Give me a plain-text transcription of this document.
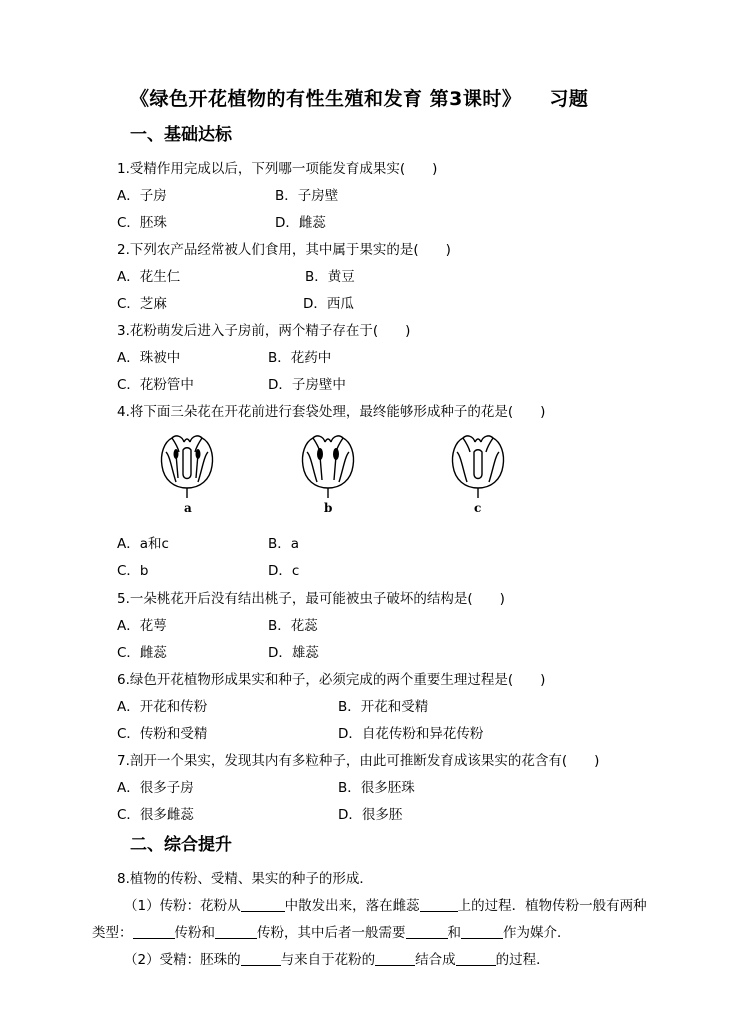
《绿色开花植物的有性生殖和发育 第3课时》 习题
一、基础达标
1.受精作用完成以后，下列哪一项能发育成果实(　　)
A．子房	B．子房壁
C．胚珠	D．雌蕊
2.下列农产品经常被人们食用，其中属于果实的是(　　)
A．花生仁	B．黄豆
C．芝麻	D．西瓜
3.花粉萌发后进入子房前，两个精子存在于(　　)
A．珠被中	B．花药中
C．花粉管中	D．子房壁中
4.将下面三朵花在开花前进行套袋处理，最终能够形成种子的花是(　　)
a	b	c
A．a和c	B．a
C．b	D．c
5.一朵桃花开后没有结出桃子，最可能被虫子破坏的结构是(　　)
A．花萼	B．花蕊
C．雌蕊	D．雄蕊
6.绿色开花植物形成果实和种子，必须完成的两个重要生理过程是(　　)
A．开花和传粉	B．开花和受精
C．传粉和受精	D．自花传粉和异花传粉
7.剖开一个果实，发现其内有多粒种子，由此可推断发育成该果实的花含有(　　)
A．很多子房	B．很多胚珠
C．很多雌蕊	D．很多胚
二、综合提升
8.植物的传粉、受精、果实的种子的形成．
（1）传粉：花粉从	中散发出来，落在雌蕊	上的过程．植物传粉一般有两种
类型：	传粉和	传粉，其中后者一般需要	和	作为媒介．
（2）受精：胚珠的	与来自于花粉的	结合成	的过程．
